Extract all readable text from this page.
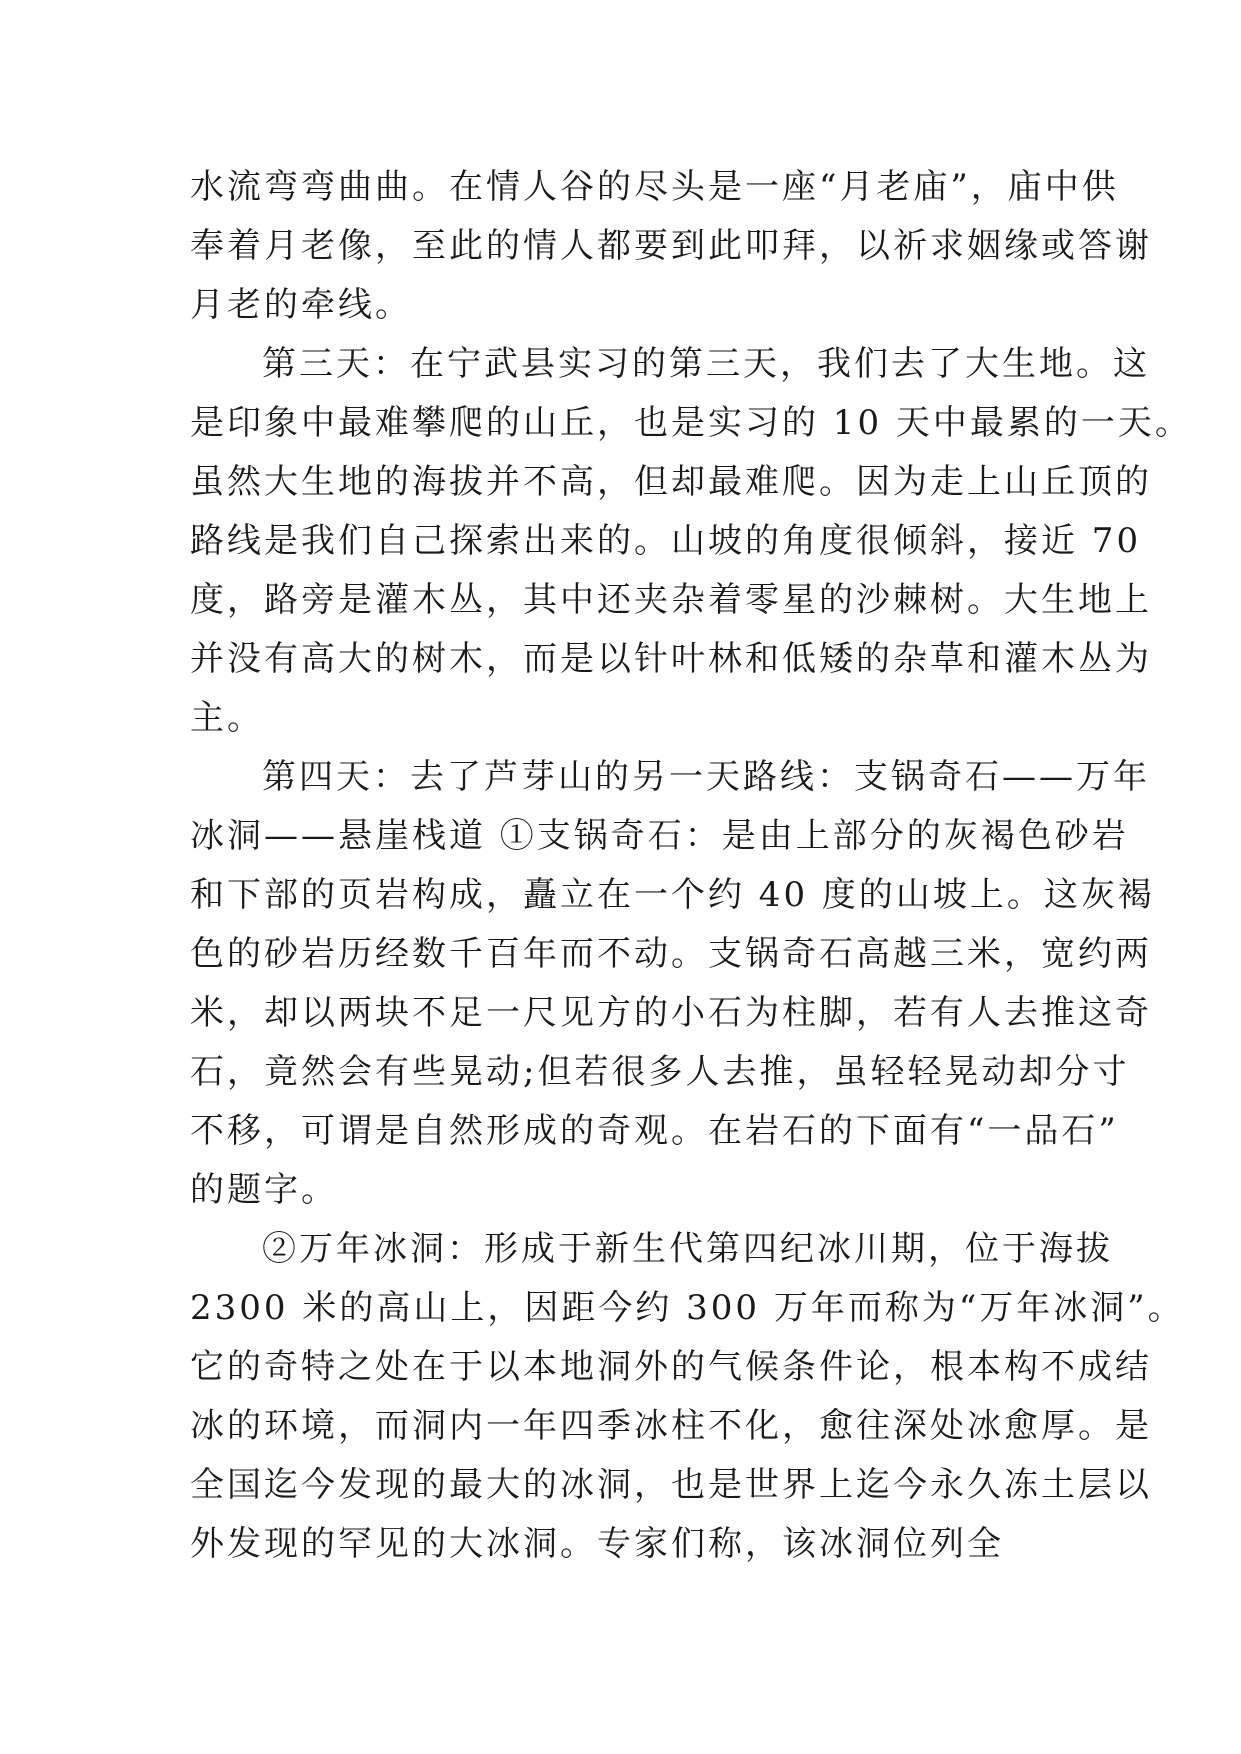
水流弯弯曲曲。在情人谷的尽头是一座“月老庙”，庙中供
奉着月老像，至此的情人都要到此叩拜，以祈求姻缘或答谢
月老的牵线。
第三天：在宁武县实习的第三天，我们去了大生地。这
是印象中最难攀爬的山丘，也是实习的 10 天中最累的一天。
虽然大生地的海拔并不高，但却最难爬。因为走上山丘顶的
路线是我们自己探索出来的。山坡的角度很倾斜，接近 70
度，路旁是灌木丛，其中还夹杂着零星的沙棘树。大生地上
并没有高大的树木，而是以针叶林和低矮的杂草和灌木丛为
主。
第四天：去了芦芽山的另一天路线：支锅奇石——万年
冰洞——悬崖栈道 ①支锅奇石：是由上部分的灰褐色砂岩
和下部的页岩构成，矗立在一个约 40 度的山坡上。这灰褐
色的砂岩历经数千百年而不动。支锅奇石高越三米，宽约两
米，却以两块不足一尺见方的小石为柱脚，若有人去推这奇
石，竟然会有些晃动;但若很多人去推，虽轻轻晃动却分寸
不移，可谓是自然形成的奇观。在岩石的下面有“一品石”
的题字。
②万年冰洞：形成于新生代第四纪冰川期，位于海拔
2300 米的高山上，因距今约 300 万年而称为“万年冰洞”。
它的奇特之处在于以本地洞外的气候条件论，根本构不成结
冰的环境，而洞内一年四季冰柱不化，愈往深处冰愈厚。是
全国迄今发现的最大的冰洞，也是世界上迄今永久冻土层以
外发现的罕见的大冰洞。专家们称，该冰洞位列全
